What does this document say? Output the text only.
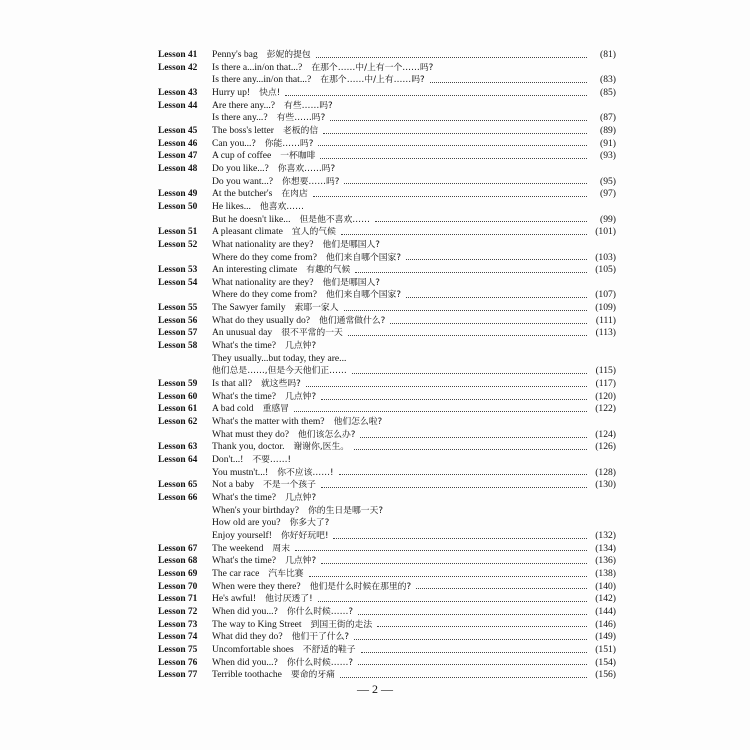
Lesson 41	Penny's bag 彭妮的提包	(81)
Lesson 42	Is there a...in/on that...? 在那个……中/上有一个……吗?
Is there any...in/on that...? 在那个……中/上有……吗?	(83)
Lesson 43	Hurry up! 快点!	(85)
Lesson 44	Are there any...? 有些……吗?
Is there any...? 有些……吗?	(87)
Lesson 45	The boss's letter 老板的信	(89)
Lesson 46	Can you...? 你能……吗?	(91)
Lesson 47	A cup of coffee 一杯咖啡	(93)
Lesson 48	Do you like...? 你喜欢……吗?
Do you want...? 你想要……吗?	(95)
Lesson 49	At the butcher's 在肉店	(97)
Lesson 50	He likes... 他喜欢……
But he doesn't like... 但是他不喜欢……	(99)
Lesson 51	A pleasant climate 宜人的气候	(101)
Lesson 52	What nationality are they? 他们是哪国人?
Where do they come from? 他们来自哪个国家?	(103)
Lesson 53	An interesting climate 有趣的气候	(105)
Lesson 54	What nationality are they? 他们是哪国人?
Where do they come from? 他们来自哪个国家?	(107)
Lesson 55	The Sawyer family 索耶一家人	(109)
Lesson 56	What do they usually do? 他们通常做什么?	(111)
Lesson 57	An unusual day 很不平常的一天	(113)
Lesson 58	What's the time? 几点钟?
They usually...but today, they are...
他们总是……,但是今天他们正……	(115)
Lesson 59	Is that all? 就这些吗?	(117)
Lesson 60	What's the time? 几点钟?	(120)
Lesson 61	A bad cold 重感冒	(122)
Lesson 62	What's the matter with them? 他们怎么啦?
What must they do? 他们该怎么办?	(124)
Lesson 63	Thank you, doctor. 谢谢你,医生。	(126)
Lesson 64	Don't...! 不要……!
You mustn't...! 你不应该……!	(128)
Lesson 65	Not a baby 不是一个孩子	(130)
Lesson 66	What's the time? 几点钟?
When's your birthday? 你的生日是哪一天?
How old are you? 你多大了?
Enjoy yourself! 你好好玩吧!	(132)
Lesson 67	The weekend 周末	(134)
Lesson 68	What's the time? 几点钟?	(136)
Lesson 69	The car race 汽车比赛	(138)
Lesson 70	When were they there? 他们是什么时候在那里的?	(140)
Lesson 71	He's awful! 他讨厌透了!	(142)
Lesson 72	When did you...? 你什么时候……?	(144)
Lesson 73	The way to King Street 到国王街的走法	(146)
Lesson 74	What did they do? 他们干了什么?	(149)
Lesson 75	Uncomfortable shoes 不舒适的鞋子	(151)
Lesson 76	When did you...? 你什么时候……?	(154)
Lesson 77	Terrible toothache 要命的牙痛	(156)
— 2 —
